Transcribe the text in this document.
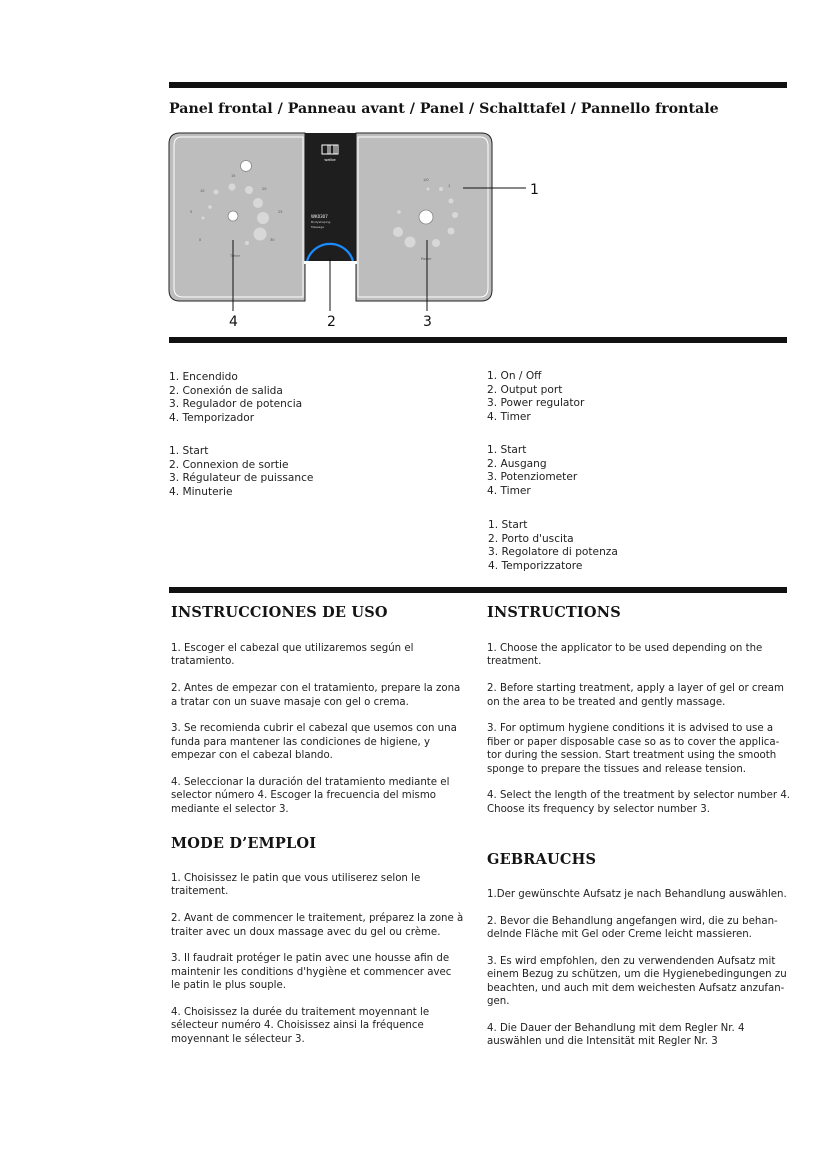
Panel frontal / Panneau avant / Panel / Schalttafel / Pannello frontale
wellbe
WK0307
Bodyshaping
Massage
15
10	20
5	25
0	30
Timer
1/0
1
Power
1
2	3
4
1. Encendido
2. Conexión de salida
3. Regulador de potencia
4. Temporizador
1. Start
2. Connexion de sortie
3. Régulateur de puissance
4. Minuterie
1. On / Off
2. Output port
3. Power regulator
4. Timer
1. Start
2. Ausgang
3. Potenziometer
4. Timer
1. Start
2. Porto d'uscita
3. Regolatore di potenza
4. Temporizzatore
INSTRUCCIONES DE USO

1. Escoger el cabezal que utilizaremos según el
tratamiento.

2. Antes de empezar con el tratamiento, prepare la zona
a tratar con un suave masaje con gel o crema.

3. Se recomienda cubrir el cabezal que usemos con una
funda para mantener las condiciones de higiene, y
empezar con el cabezal blando.

4. Seleccionar la duración del tratamiento mediante el
selector número 4. Escoger la frecuencia del mismo
mediante el selector 3.

INSTRUCTIONS

1. Choose the applicator to be used depending on the
treatment.

2. Before starting treatment, apply a layer of gel or cream
on the area to be treated and gently massage.

3. For optimum hygiene conditions it is advised to use a
fiber or paper disposable case so as to cover the applica-
tor during the session. Start treatment using the smooth
sponge to prepare the tissues and release tension.

4. Select the length of the treatment by selector number 4.
Choose its frequency by selector number 3.

MODE D’EMPLOI

1. Choisissez le patin que vous utiliserez selon le
traitement.

2. Avant de commencer le traitement, préparez la zone à
traiter avec un doux massage avec du gel ou crème.

3. Il faudrait protéger le patin avec une housse afin de
maintenir les conditions d'hygiène et commencer avec
le patin le plus souple.

4. Choisissez la durée du traitement moyennant le
sélecteur numéro 4. Choisissez ainsi la fréquence
moyennant le sélecteur 3.

GEBRAUCHS

1.Der gewünschte Aufsatz je nach Behandlung auswählen.

2. Bevor die Behandlung angefangen wird, die zu behan-
delnde Fläche mit Gel oder Creme leicht massieren.

3. Es wird empfohlen, den zu verwendenden Aufsatz mit
einem Bezug zu schützen, um die Hygienebedingungen zu
beachten, und auch mit dem weichesten Aufsatz anzufan-
gen.

4. Die Dauer der Behandlung mit dem Regler Nr. 4
auswählen und die Intensität mit Regler Nr. 3
